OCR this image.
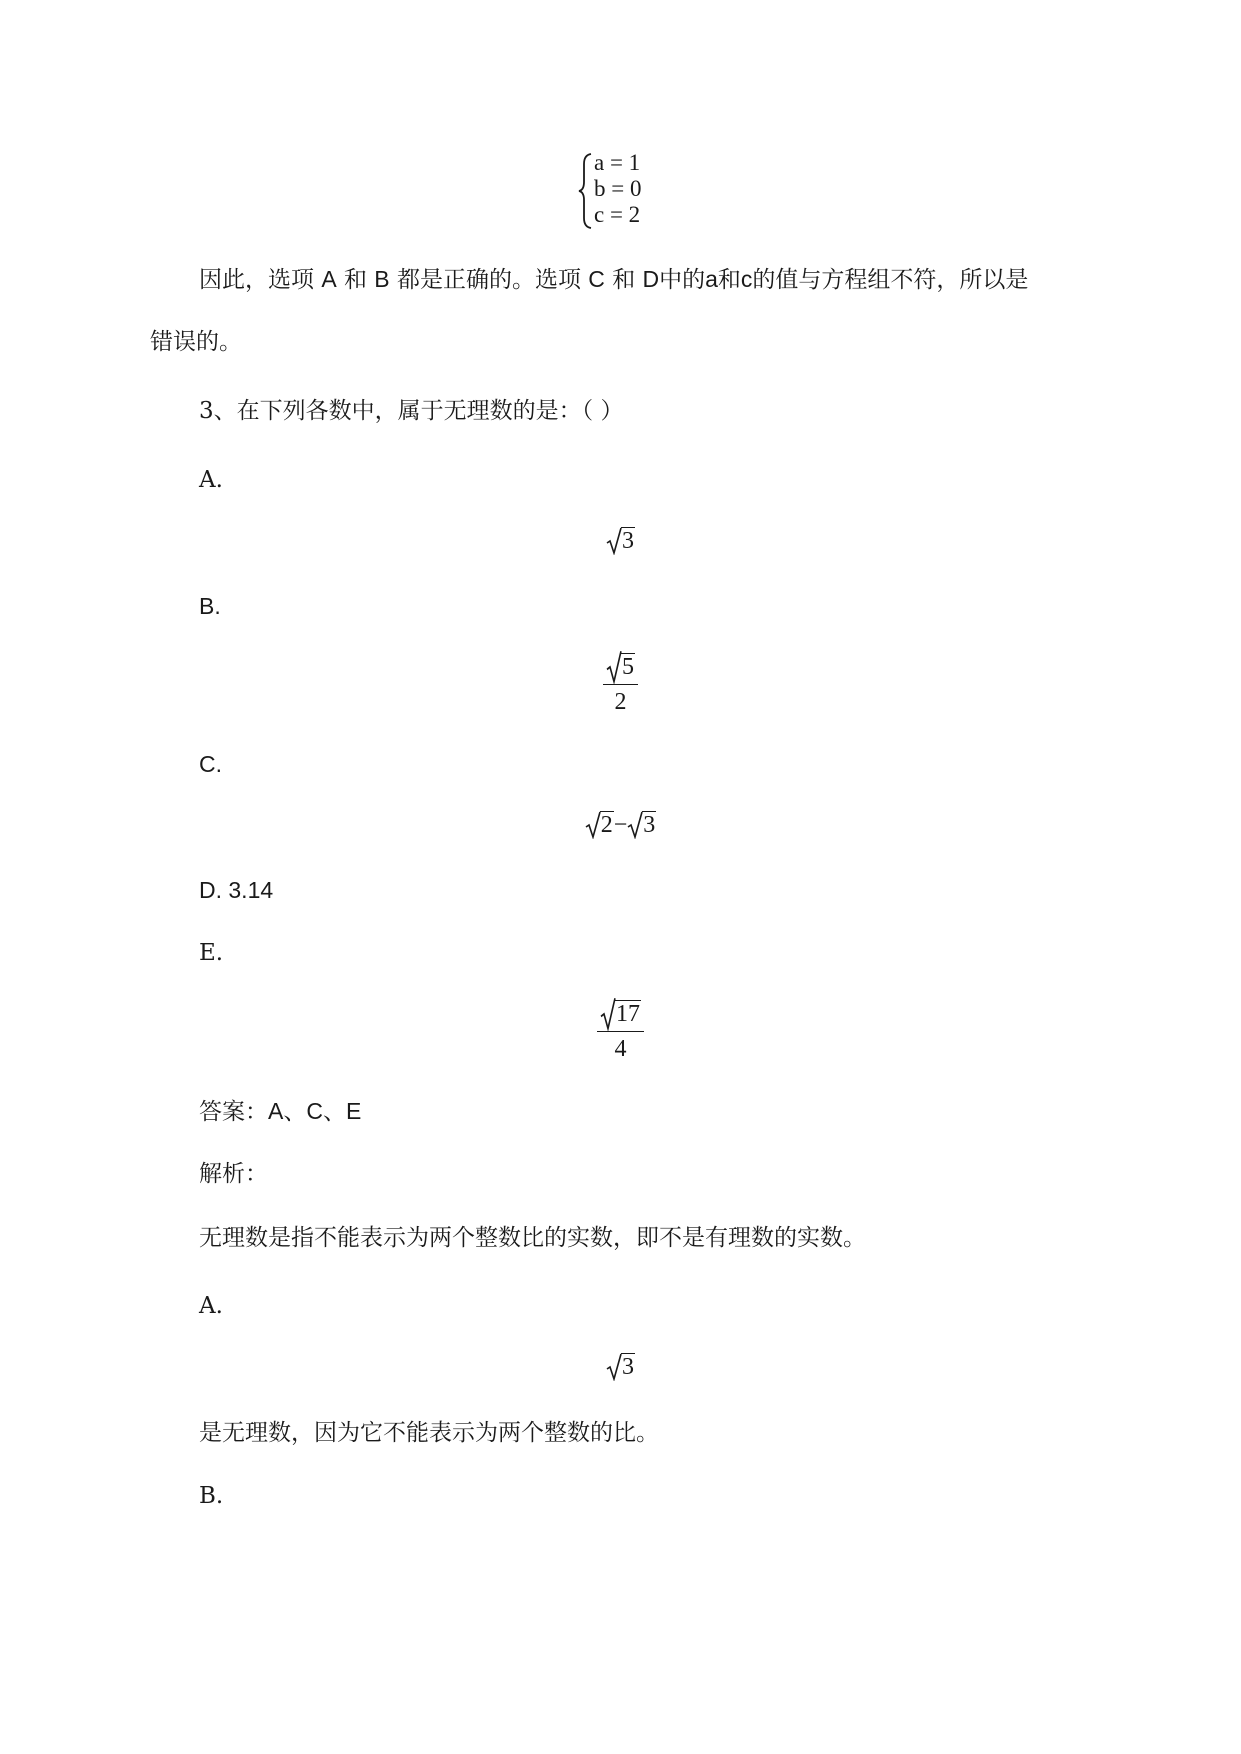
a = 1
b = 0
c = 2
因此，选项 A 和 B 都是正确的。选项 C 和 D中的a和c的值与方程组不符，所以是
错误的。
3、在下列各数中，属于无理数的是：（ ）
A.
3
B.
$\frac{5}{2}$
C.
2− 3
D. 3.14
E.
$\frac{17}{4}$
答案：A、C、E
解析：
无理数是指不能表示为两个整数比的实数，即不是有理数的实数。
A.
3
是无理数，因为它不能表示为两个整数的比。
B.
